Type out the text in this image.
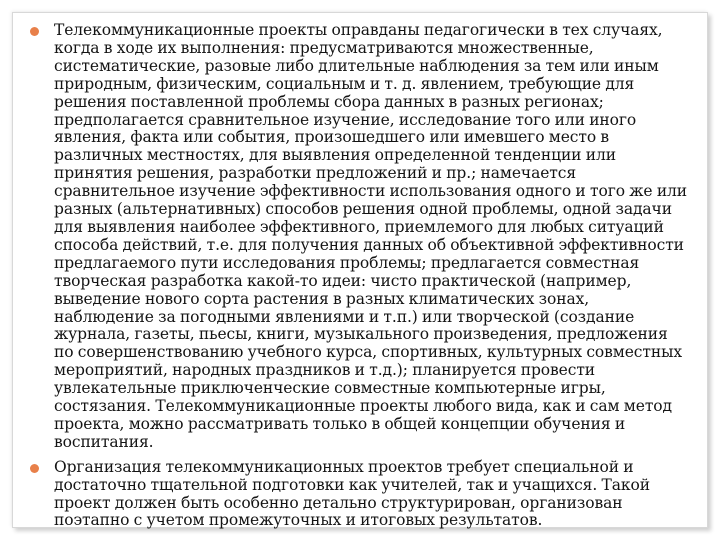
Телекоммуникационные проекты оправданы педагогически в тех случаях, когда в ходе их выполнения: предусматриваются множественные, систематические, разовые либо длительные наблюдения за тем или иным природным, физическим, социальным и т. д. явлением, требующие для решения поставленной проблемы сбора данных в разных регионах; предполагается сравнительное изучение, исследование того или иного явления, факта или события, произошедшего или имевшего место в различных местностях, для выявления определенной тенденции или принятия решения, разработки предложений и пр.; намечается сравнительное изучение эффективности использования одного и того же или разных (альтернативных) способов решения одной проблемы, одной задачи для выявления наиболее эффективного, приемлемого для любых ситуаций способа действий, т.е. для получения данных об объективной эффективности предлагаемого пути исследования проблемы; предлагается совместная творческая разработка какой-то идеи: чисто практической (например, выведение нового сорта растения в разных климатических зонах, наблюдение за погодными явлениями и т.п.) или творческой (создание журнала, газеты, пьесы, книги, музыкального произведения, предложения по совершенствованию учебного курса, спортивных, культурных совместных мероприятий, народных праздников и т.д.); планируется провести увлекательные приключенческие совместные компьютерные игры, состязания. Телекоммуникационные проекты любого вида, как и сам метод проекта, можно рассматривать только в общей концепции обучения и воспитания.
Организация телекоммуникационных проектов требует специальной и достаточно тщательной подготовки как учителей, так и учащихся. Такой проект должен быть особенно детально структурирован, организован поэтапно с учетом промежуточных и итоговых результатов.
